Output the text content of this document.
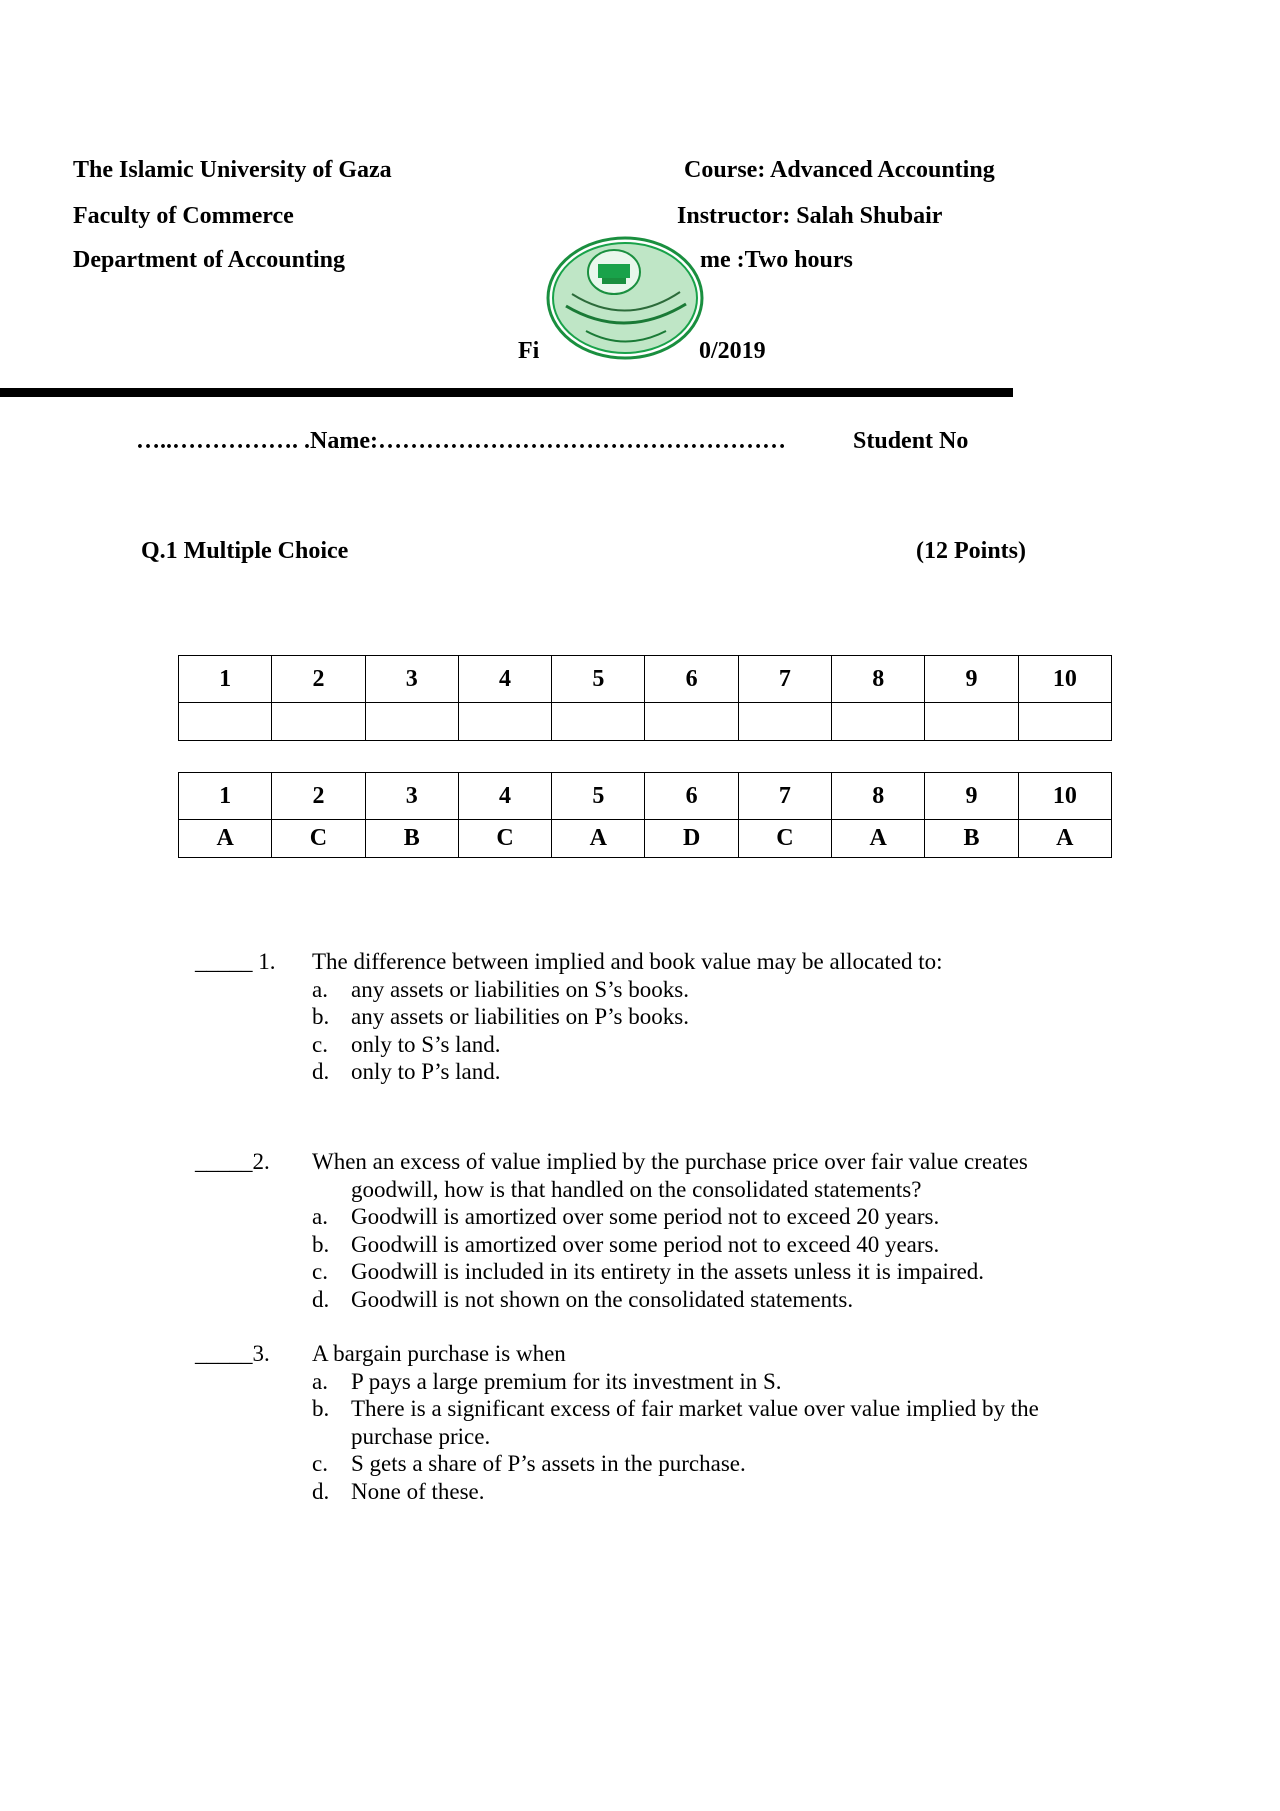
The Islamic University of Gaza
Faculty of Commerce
Department of Accounting
Course: Advanced Accounting
Instructor: Salah Shubair
me :Two hours
Fi	0/2019
…..……………. .Name:……………………………………………	Student No
Q.1 Multiple Choice	(12 Points)
1	2	3	4	5	6	7	8	9	10

1	2	3	4	5	6	7	8	9	10
A	C	B	C	A	D	C	A	B	A
_____ 1. The difference between implied and book value may be allocated to:
a.	any assets or liabilities on S’s books.
b. any assets or liabilities on P’s books.
c.	only to S’s land.
d. only to P’s land.
_____2. When an excess of value implied by the purchase price over fair value creates
goodwill, how is that handled on the consolidated statements?
a.	Goodwill is amortized over some period not to exceed 20 years.
b. Goodwill is amortized over some period not to exceed 40 years.
c.	Goodwill is included in its entirety in the assets unless it is impaired.
d. Goodwill is not shown on the consolidated statements.
_____3. A bargain purchase is when
a.	P pays a large premium for its investment in S.
b. There is a significant excess of fair market value over value implied by the purchase price.
c.	S gets a share of P’s assets in the purchase.
d. None of these.
